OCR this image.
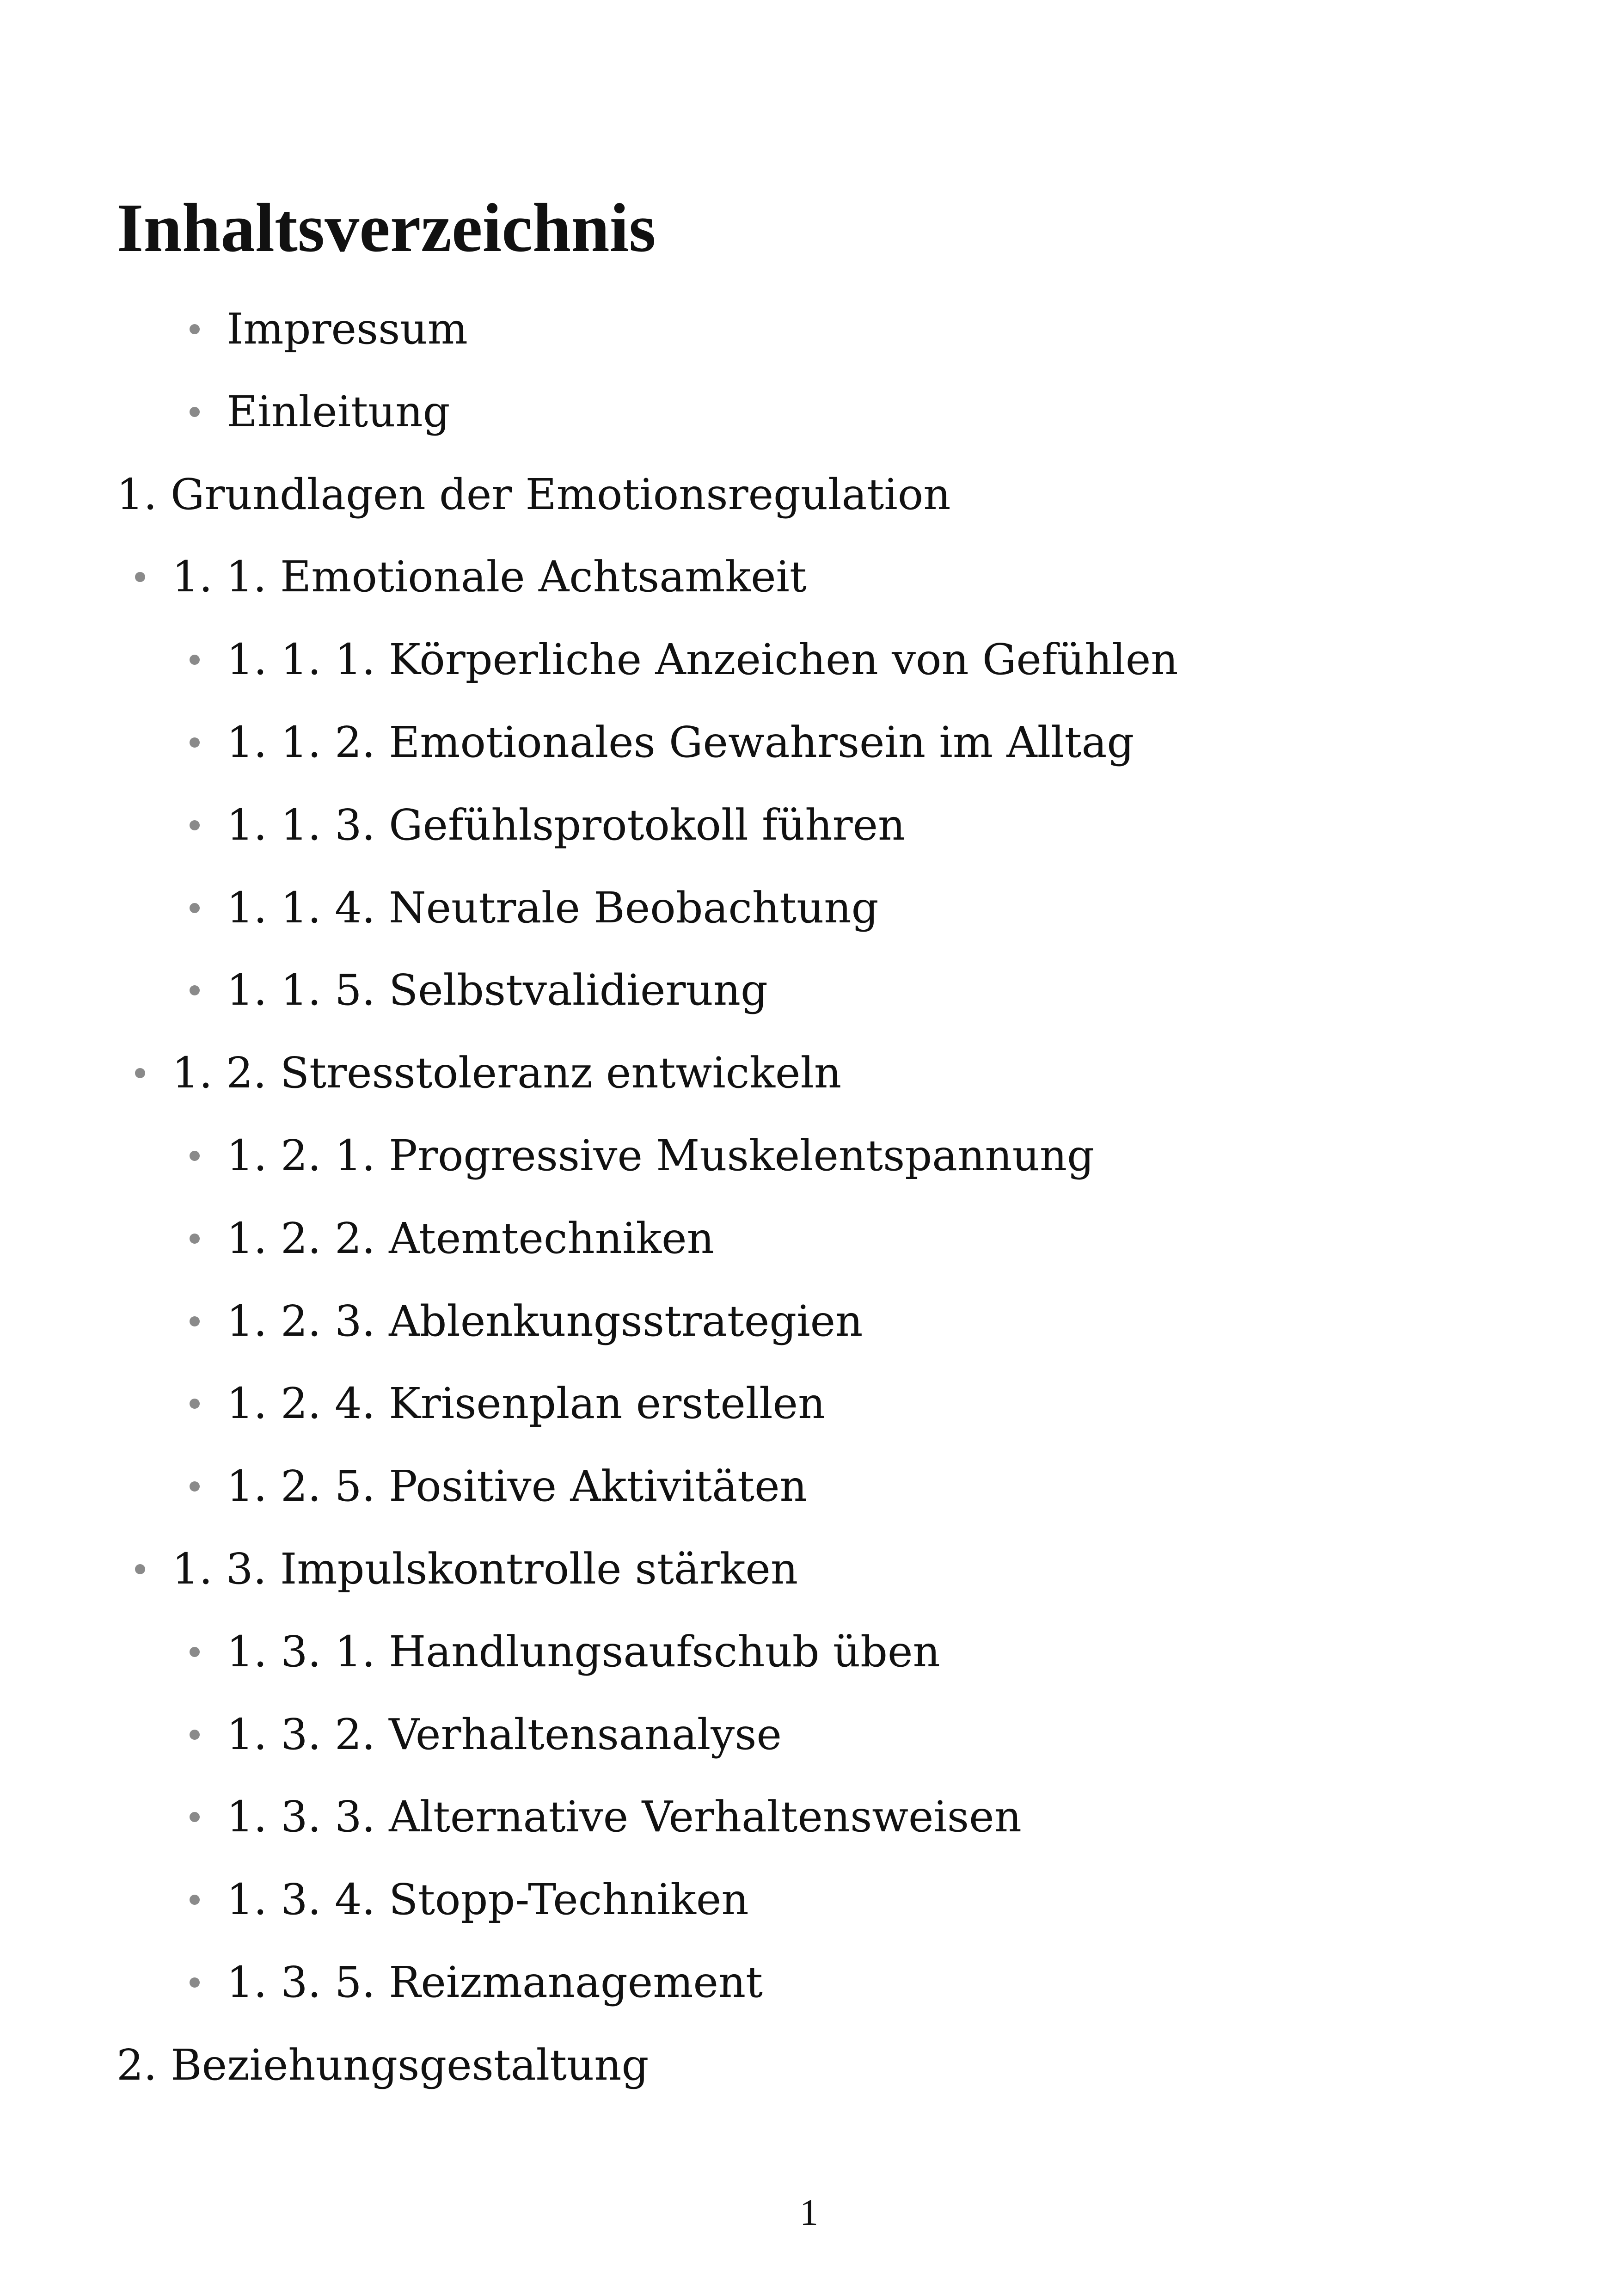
Inhaltsverzeichnis
Impressum
Einleitung
1. Grundlagen der Emotionsregulation
1. 1. Emotionale Achtsamkeit
1. 1. 1. Körperliche Anzeichen von Gefühlen
1. 1. 2. Emotionales Gewahrsein im Alltag
1. 1. 3. Gefühlsprotokoll führen
1. 1. 4. Neutrale Beobachtung
1. 1. 5. Selbstvalidierung
1. 2. Stresstoleranz entwickeln
1. 2. 1. Progressive Muskelentspannung
1. 2. 2. Atemtechniken
1. 2. 3. Ablenkungsstrategien
1. 2. 4. Krisenplan erstellen
1. 2. 5. Positive Aktivitäten
1. 3. Impulskontrolle stärken
1. 3. 1. Handlungsaufschub üben
1. 3. 2. Verhaltensanalyse
1. 3. 3. Alternative Verhaltensweisen
1. 3. 4. Stopp-Techniken
1. 3. 5. Reizmanagement
2. Beziehungsgestaltung
1
